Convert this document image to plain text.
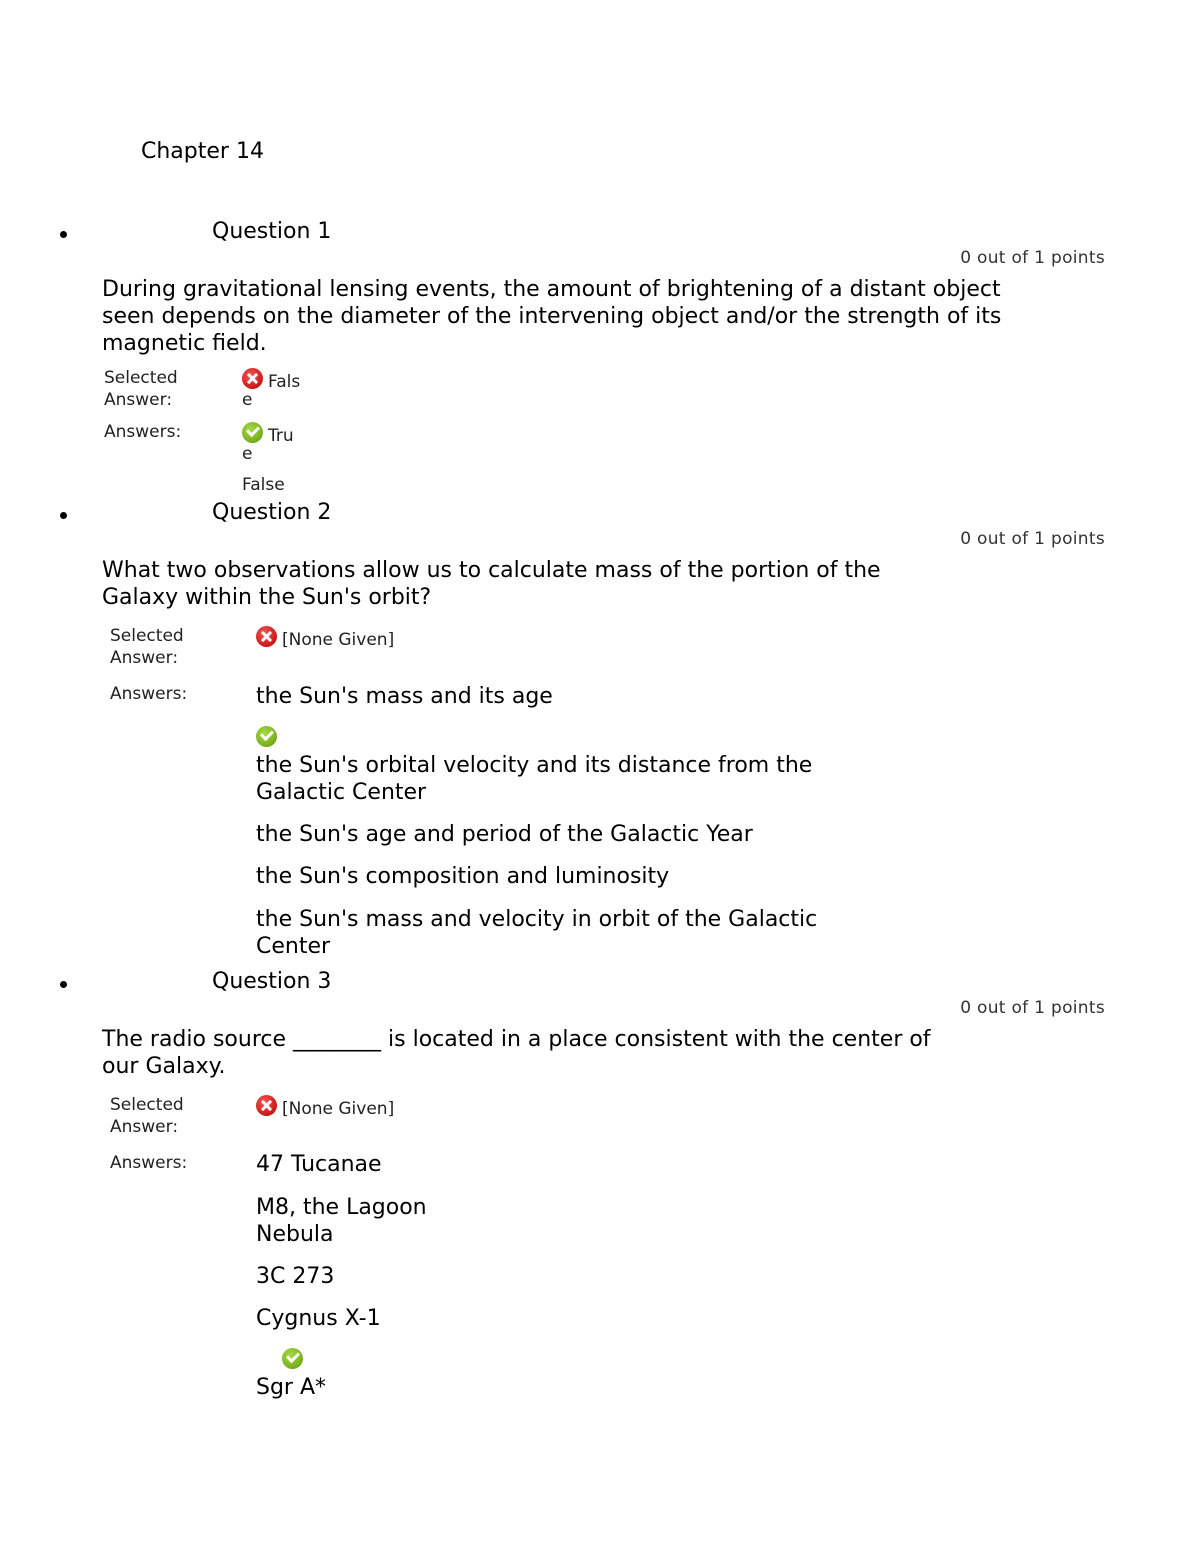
Chapter 14
Question 1
0 out of 1 points
During gravitational lensing events, the amount of brightening of a distant object seen depends on the diameter of the intervening object and/or the strength of its magnetic field.
Selected
Answer:
Fals
e
Answers:	Tru
e
False
Question 2
0 out of 1 points
What two observations allow us to calculate mass of the portion of the Galaxy within the Sun's orbit?
Selected
Answer:
[None Given]
Answers:	the Sun's mass and its age

the Sun's orbital velocity and its distance from the Galactic Center
the Sun's age and period of the Galactic Year
the Sun's composition and luminosity
the Sun's mass and velocity in orbit of the Galactic Center
Question 3
0 out of 1 points
The radio source ________ is located in a place consistent with the center of our Galaxy.
Selected
Answer:
[None Given]
Answers:	47 Tucanae
M8, the Lagoon Nebula
3C 273
Cygnus X-1
Sgr A*
